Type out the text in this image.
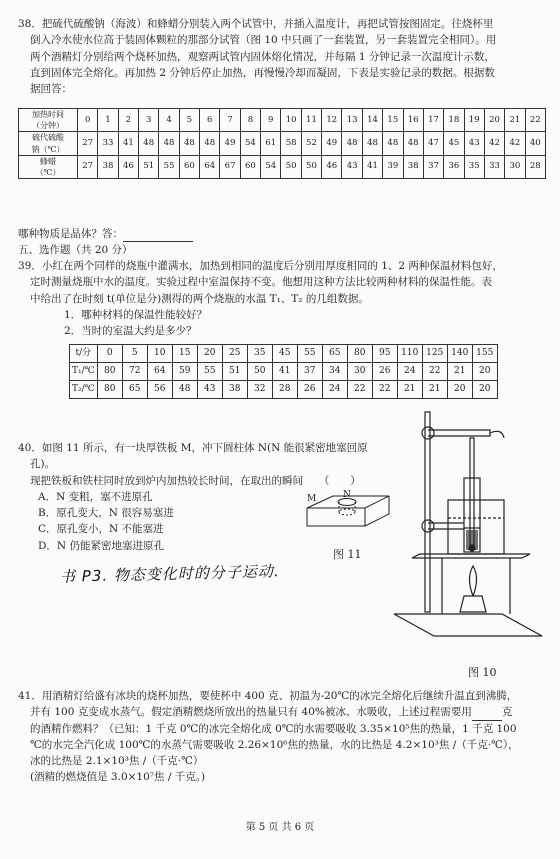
38．把硫代硫酸钠（海波）和蜂蜡分别装入两个试管中，并插入温度计，再把试管按图固定。往烧杯里
倒入冷水使水位高于装固体颗粒的那部分试管（图 10 中只画了一套装置，另一套装置完全相同）。用
两个酒精灯分别给两个烧杯加热，观察两试管内固体熔化情况，并每隔 1 分钟记录一次温度计示数，
直到固体完全熔化。再加热 2 分钟后停止加热，再慢慢冷却而凝固，下表是实验记录的数据。根据数
据回答：
加热时间
（分钟）	0	1	2	3	4	5	6	7	8	9	10	11	12	13	14	15	16	17	18	19	20	21	22

硫代硫酸
钠（℃）	27	33	41	48	48	48	48	49	54	61	58	52	49	48	48	48	48	47	45	43	42	42	40

蜂蜡
（℃）	27	38	46	51	55	60	64	67	60	54	50	50	46	43	41	39	38	37	36	35	33	30	28
哪种物质是晶体？答：
五、选作题（共 20 分）
39．小红在两个同样的烧瓶中灌满水，加热到相同的温度后分别用厚度相同的 1、2 两种保温材料包好，
定时测量烧瓶中水的温度。实验过程中室温保持不变。他想用这种方法比较两种材料的保温性能。表
中给出了在时刻 t(单位是分)测得的两个烧瓶的水温 T₁、T₂ 的几组数据。
1．哪种材料的保温性能较好？
2．当时的室温大约是多少？
t/分	0	5	10	15	20	25	35	45	55	65	80	95	110	125	140	155
T₁/℃	80	72	64	59	55	51	50	41	37	34	30	26	24	22	21	20
T₂/℃	80	65	56	48	43	38	32	28	26	24	22	22	21	21	20	20
40．如图 11 所示，有一块厚铁板 M，冲下圆柱体 N(N 能很紧密地塞回原
孔)。
现把铁板和铁柱同时放到炉内加热较长时间，在取出的瞬间　　（　　）
A．N 变粗，塞不进原孔
B．原孔变大，N 很容易塞进
C．原孔变小，N 不能塞进
D．N 仍能紧密地塞进原孔
书 P3. 物态变化时的分子运动.
M	N
图 11
图 10
41．用酒精灯给盛有冰块的烧杯加热，要使杯中 400 克、初温为-20℃的冰完全熔化后继续升温直到沸腾，
并有 100 克变成水蒸气。假定酒精燃烧所放出的热量只有 40%被冰、水吸收，上述过程需要用	克
的酒精作燃料？（已知：1 千克 0℃的冰完全熔化成 0℃的水需要吸收 3.35×10⁵焦的热量，1 千克 100
℃的水完全汽化成 100℃的水蒸气需要吸收 2.26×10⁶焦的热量，水的比热是 4.2×10³焦 /（千克·℃），
冰的比热是 2.1×10³焦 /（千克·℃）
(酒精的燃烧值是 3.0×10⁷焦 / 千克。)
第 5 页 共 6 页
